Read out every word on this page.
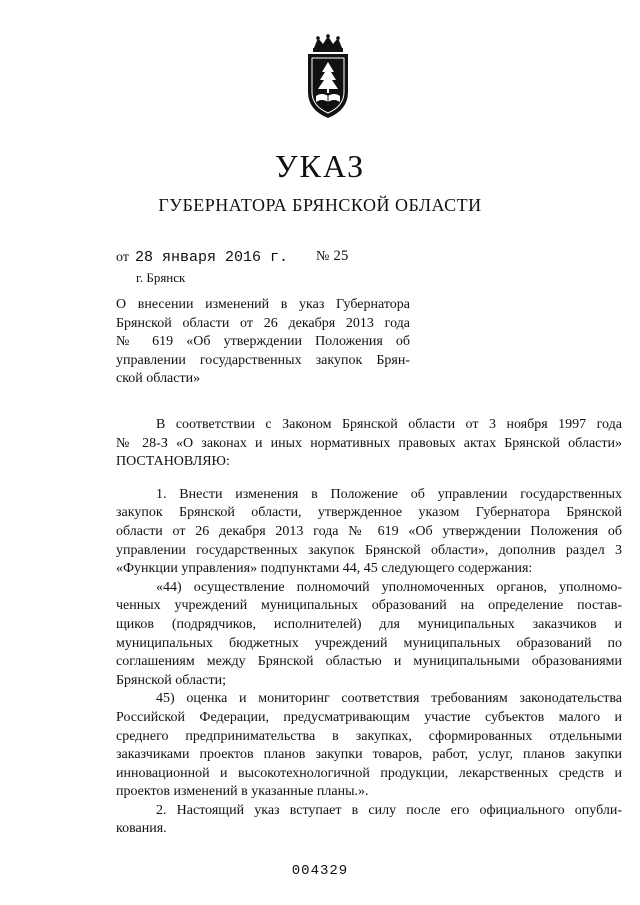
УКАЗ
ГУБЕРНАТОРА БРЯНСКОЙ ОБЛАСТИ
от 28 января 2016 г. № 25
г. Брянск
О внесении изменений в указ Губернатора
Брянской области от 26 декабря 2013 года
№ 619 «Об утверждении Положения об
управлении государственных закупок Брян-
ской области»
В соответствии с Законом Брянской области от 3 ноября 1997 года
№ 28-З «О законах и иных нормативных правовых актах Брянской области»
ПОСТАНОВЛЯЮ:
1. Внести изменения в Положение об управлении государственных
закупок Брянской области, утвержденное указом Губернатора Брянской
области от 26 декабря 2013 года № 619 «Об утверждении Положения об
управлении государственных закупок Брянской области», дополнив раздел 3
«Функции управления» подпунктами 44, 45 следующего содержания:
«44) осуществление полномочий уполномоченных органов, уполномо-
ченных учреждений муниципальных образований на определение постав-
щиков (подрядчиков, исполнителей) для муниципальных заказчиков и
муниципальных бюджетных учреждений муниципальных образований по
соглашениям между Брянской областью и муниципальными образованиями
Брянской области;
45) оценка и мониторинг соответствия требованиям законодательства
Российской Федерации, предусматривающим участие субъектов малого и
среднего предпринимательства в закупках, сформированных отдельными
заказчиками проектов планов закупки товаров, работ, услуг, планов закупки
инновационной и высокотехнологичной продукции, лекарственных средств и
проектов изменений в указанные планы.».
2. Настоящий указ вступает в силу после его официального опубли-
кования.
004329
